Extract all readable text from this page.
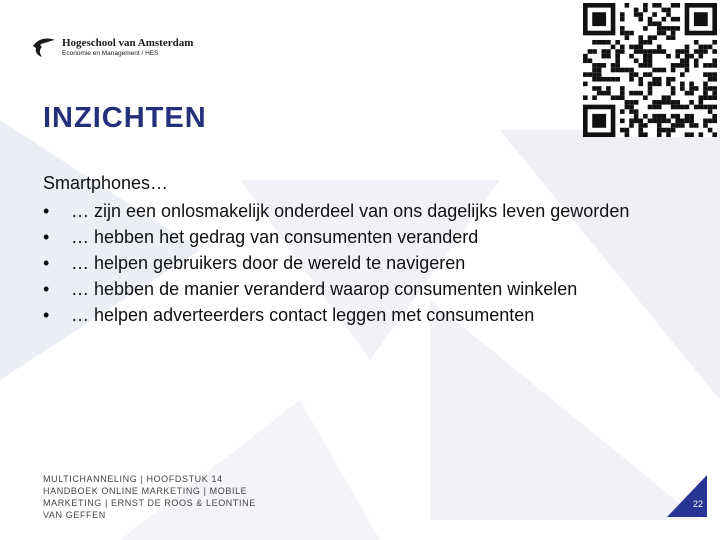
Hogeschool van Amsterdam
Economie en Management / HES
INZICHTEN
Smartphones…
• … zijn een onlosmakelijk onderdeel van ons dagelijks leven geworden
• … hebben het gedrag van consumenten veranderd
• … helpen gebruikers door de wereld te navigeren
• … hebben de manier veranderd waarop consumenten winkelen
• … helpen adverteerders contact leggen met consumenten
MULTICHANNELING | HOOFDSTUK 14 HANDBOEK ONLINE MARKETING | MOBILE MARKETING | ERNST DE ROOS & LEONTINE VAN GEFFEN
22
